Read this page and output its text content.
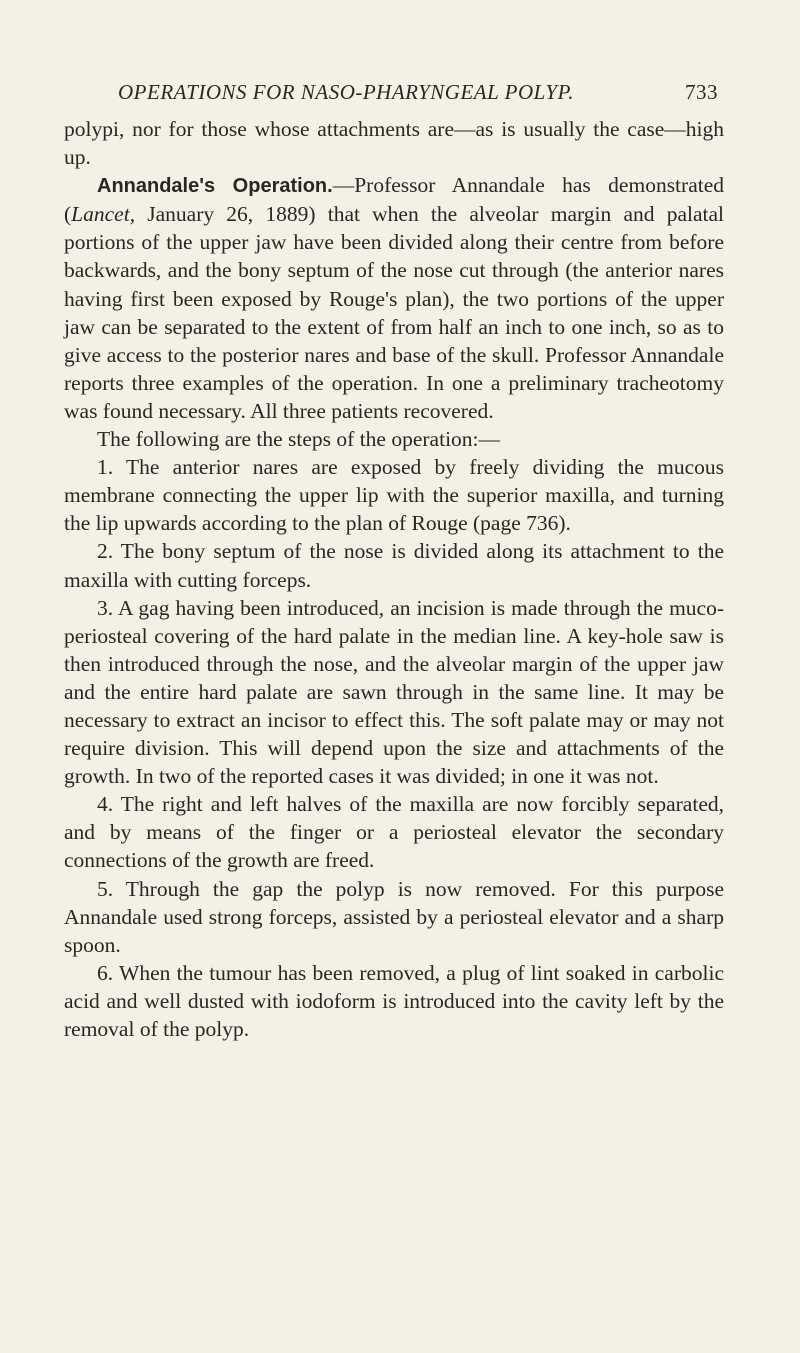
OPERATIONS FOR NASO-PHARYNGEAL POLYP.	733

polypi, nor for those whose attachments are—as is usually the case—high up.

Annandale's Operation.—Professor Annandale has demonstrated (Lancet, January 26, 1889) that when the alveolar margin and palatal portions of the upper jaw have been divided along their centre from before backwards, and the bony septum of the nose cut through (the anterior nares having first been exposed by Rouge's plan), the two portions of the upper jaw can be separated to the extent of from half an inch to one inch, so as to give access to the posterior nares and base of the skull. Professor Annandale reports three examples of the operation. In one a preliminary tracheotomy was found necessary. All three patients recovered.

The following are the steps of the operation:—

1. The anterior nares are exposed by freely dividing the mucous membrane connecting the upper lip with the superior maxilla, and turning the lip upwards according to the plan of Rouge (page 736).

2. The bony septum of the nose is divided along its attachment to the maxilla with cutting forceps.

3. A gag having been introduced, an incision is made through the muco-periosteal covering of the hard palate in the median line. A key-hole saw is then introduced through the nose, and the alveolar margin of the upper jaw and the entire hard palate are sawn through in the same line. It may be necessary to extract an incisor to effect this. The soft palate may or may not require division. This will depend upon the size and attachments of the growth. In two of the reported cases it was divided; in one it was not.

4. The right and left halves of the maxilla are now forcibly separated, and by means of the finger or a periosteal elevator the secondary connections of the growth are freed.

5. Through the gap the polyp is now removed. For this purpose Annandale used strong forceps, assisted by a periosteal elevator and a sharp spoon.

6. When the tumour has been removed, a plug of lint soaked in carbolic acid and well dusted with iodoform is introduced into the cavity left by the removal of the polyp.
